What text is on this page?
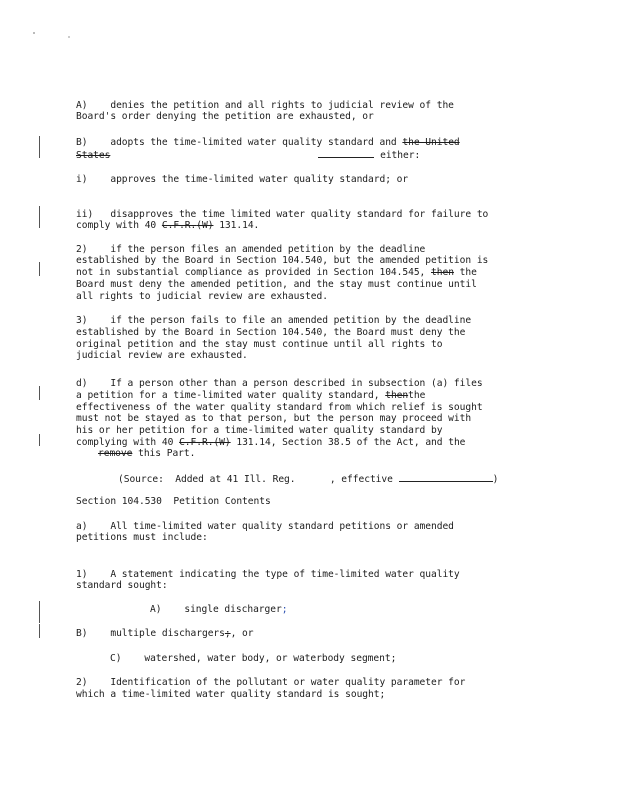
A)    denies the petition and all rights to judicial review of the
Board's order denying the petition are exhausted, or
B)    adopts the time-limited water quality standard and the United
States	either:
i)    approves the time-limited water quality standard; or
ii)   disapproves the time limited water quality standard for failure to
comply with 40 C.F.R.(W) 131.14.
2)    if the person files an amended petition by the deadline
established by the Board in Section 104.540, but the amended petition is
not in substantial compliance as provided in Section 104.545, then the
Board must deny the amended petition, and the stay must continue until
all rights to judicial review are exhausted.
3)    if the person fails to file an amended petition by the deadline
established by the Board in Section 104.540, the Board must deny the
original petition and the stay must continue until all rights to
judicial review are exhausted.
d)    If a person other than a person described in subsection (a) files
a petition for a time-limited water quality standard, thenthe
effectiveness of the water quality standard from which relief is sought
must not be stayed as to that person, but the person may proceed with
his or her petition for a time-limited water quality standard by
complying with 40 C.F.R.(W) 131.14, Section 38.5 of the Act, and the
remove this Part.
(Source:  Added at 41 Ill. Reg.      , effective	)
Section 104.530  Petition Contents
a)    All time-limited water quality standard petitions or amended
petitions must include:
1)    A statement indicating the type of time-limited water quality
standard sought:
A)    single discharger;
B)    multiple dischargers;, or
C)    watershed, water body, or waterbody segment;
2)    Identification of the pollutant or water quality parameter for
which a time-limited water quality standard is sought;
